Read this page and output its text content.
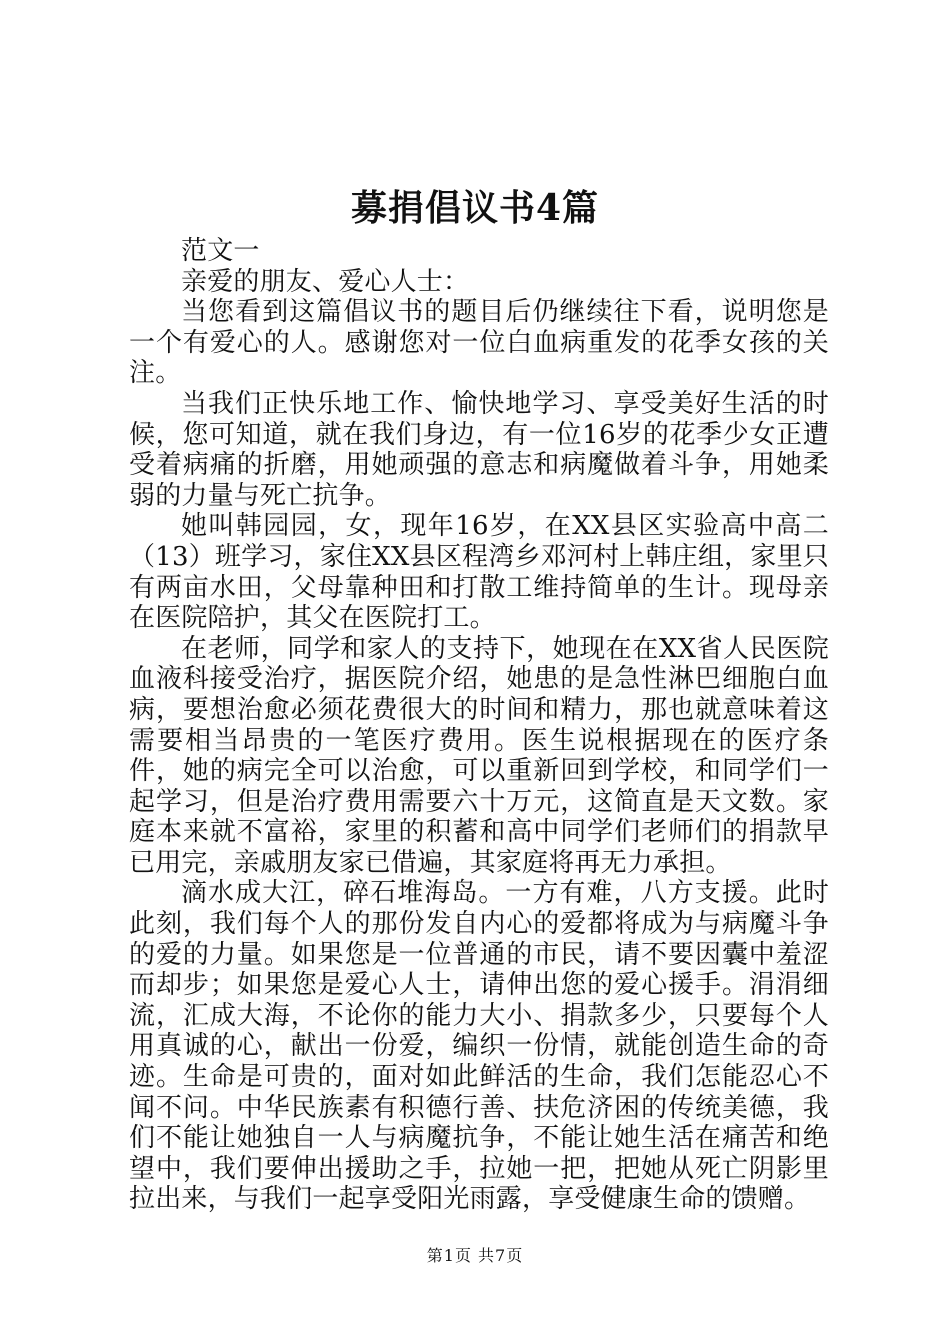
募捐倡议书4篇

范文一

亲爱的朋友、爱心人士：

当您看到这篇倡议书的题目后仍继续往下看，说明您是一个有爱心的人。感谢您对一位白血病重发的花季女孩的关注。

当我们正快乐地工作、愉快地学习、享受美好生活的时候，您可知道，就在我们身边，有一位16岁的花季少女正遭受着病痛的折磨，用她顽强的意志和病魔做着斗争，用她柔弱的力量与死亡抗争。

她叫韩园园，女，现年16岁，在XX县区实验高中高二（13）班学习，家住XX县区程湾乡邓河村上韩庄组，家里只有两亩水田，父母靠种田和打散工维持简单的生计。现母亲在医院陪护，其父在医院打工。

在老师，同学和家人的支持下，她现在在XX省人民医院血液科接受治疗，据医院介绍，她患的是急性淋巴细胞白血病，要想治愈必须花费很大的时间和精力，那也就意味着这需要相当昂贵的一笔医疗费用。医生说根据现在的医疗条件，她的病完全可以治愈，可以重新回到学校，和同学们一起学习，但是治疗费用需要六十万元，这简直是天文数。家庭本来就不富裕，家里的积蓄和高中同学们老师们的捐款早已用完，亲戚朋友家已借遍，其家庭将再无力承担。

滴水成大江，碎石堆海岛。一方有难，八方支援。此时此刻，我们每个人的那份发自内心的爱都将成为与病魔斗争的爱的力量。如果您是一位普通的市民，请不要因囊中羞涩而却步；如果您是爱心人士，请伸出您的爱心援手。涓涓细流，汇成大海，不论你的能力大小、捐款多少，只要每个人用真诚的心，献出一份爱，编织一份情，就能创造生命的奇迹。生命是可贵的，面对如此鲜活的生命，我们怎能忍心不闻不问。中华民族素有积德行善、扶危济困的传统美德，我们不能让她独自一人与病魔抗争，不能让她生活在痛苦和绝望中，我们要伸出援助之手，拉她一把，把她从死亡阴影里拉出来，与我们一起享受阳光雨露，享受健康生命的馈赠。

第1页 共7页
